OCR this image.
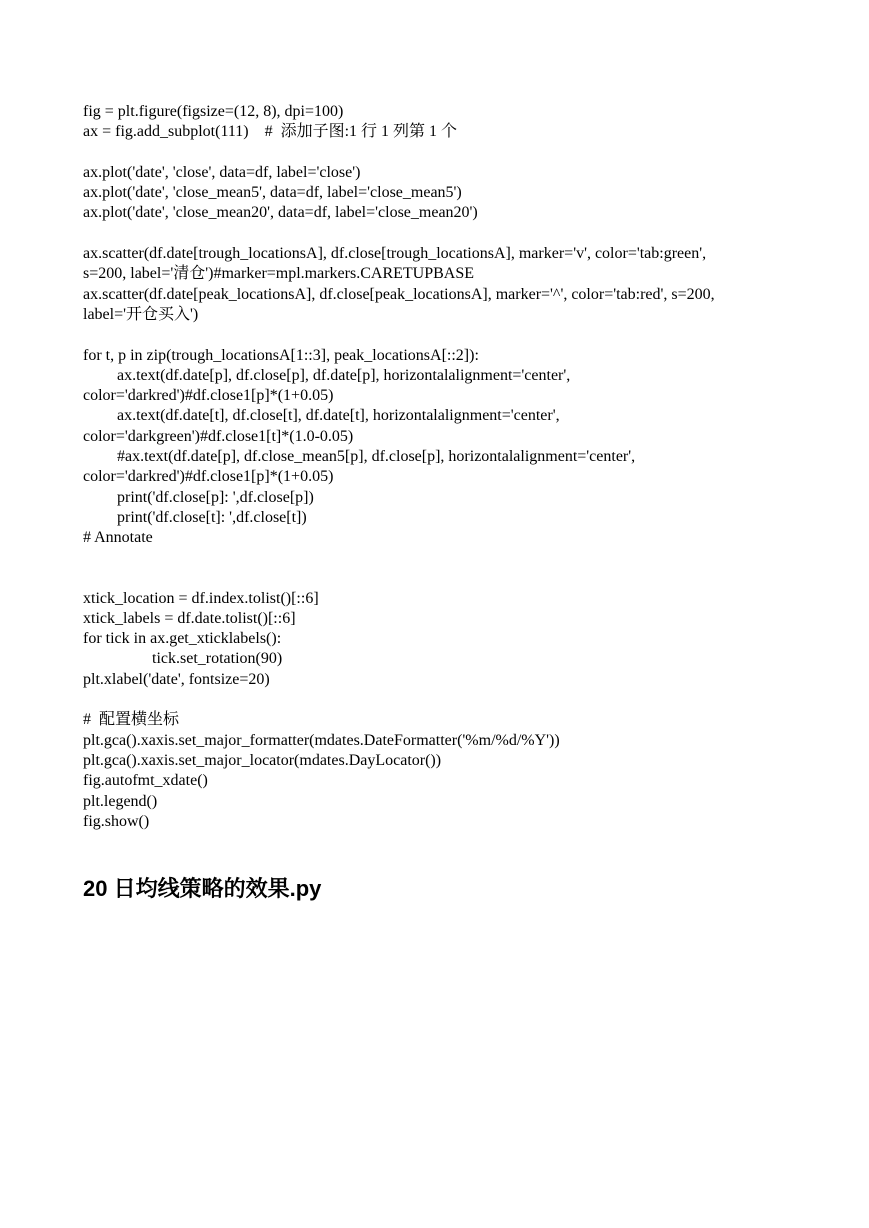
fig = plt.figure(figsize=(12, 8), dpi=100)

ax = fig.add_subplot(111)    #  添加子图:1 行 1 列第 1 个

ax.plot('date', 'close', data=df, label='close')

ax.plot('date', 'close_mean5', data=df, label='close_mean5')

ax.plot('date', 'close_mean20', data=df, label='close_mean20')

ax.scatter(df.date[trough_locationsA], df.close[trough_locationsA], marker='v', color='tab:green',

s=200, label='清仓')#marker=mpl.markers.CARETUPBASE

ax.scatter(df.date[peak_locationsA], df.close[peak_locationsA], marker='^', color='tab:red', s=200,

label='开仓买入')

for t, p in zip(trough_locationsA[1::3], peak_locationsA[::2]):

ax.text(df.date[p], df.close[p], df.date[p], horizontalalignment='center',

color='darkred')#df.close1[p]*(1+0.05)

ax.text(df.date[t], df.close[t], df.date[t], horizontalalignment='center',

color='darkgreen')#df.close1[t]*(1.0-0.05)

#ax.text(df.date[p], df.close_mean5[p], df.close[p], horizontalalignment='center',

color='darkred')#df.close1[p]*(1+0.05)

print('df.close[p]: ',df.close[p])

print('df.close[t]: ',df.close[t])

# Annotate

xtick_location = df.index.tolist()[::6]

xtick_labels = df.date.tolist()[::6]

for tick in ax.get_xticklabels():

tick.set_rotation(90)

plt.xlabel('date', fontsize=20)

#  配置横坐标

plt.gca().xaxis.set_major_formatter(mdates.DateFormatter('%m/%d/%Y'))

plt.gca().xaxis.set_major_locator(mdates.DayLocator())

fig.autofmt_xdate()

plt.legend()

fig.show()

20 日均线策略的效果.py
